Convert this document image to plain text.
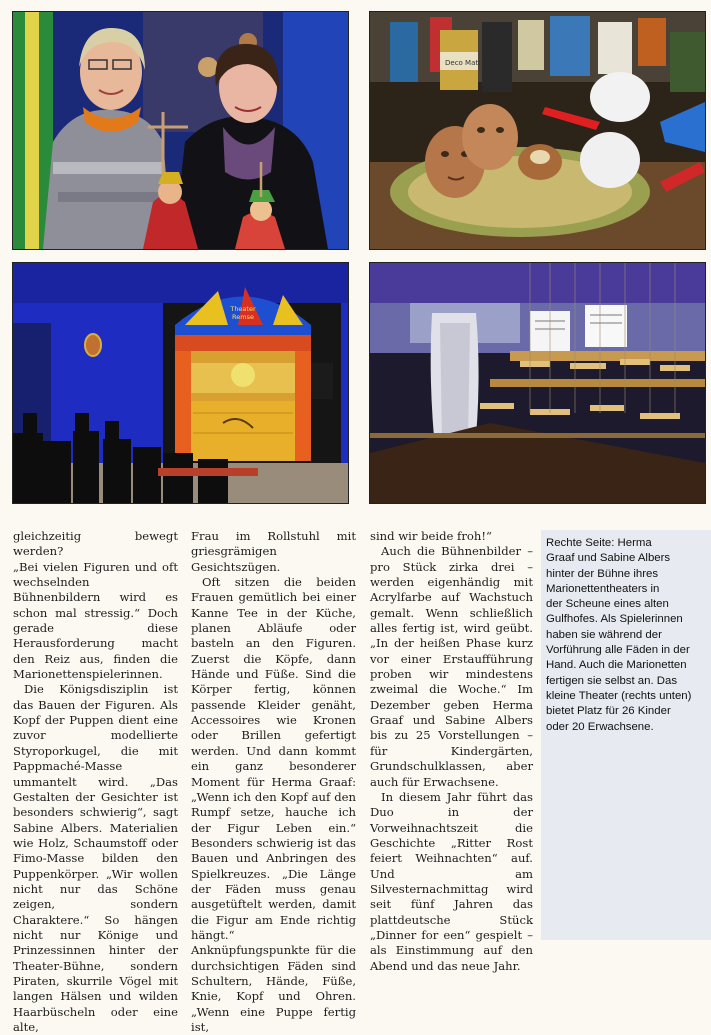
Deco Matt
Theater
Remse

gleichzeitig bewegt werden?

„Bei vielen Figuren und oft wechselnden Bühnenbildern wird es schon mal stressig.“ Doch gerade diese Herausforderung macht den Reiz aus, finden die Marionettenspielerinnen.

Die Königsdisziplin ist das Bauen der Figuren. Als Kopf der Puppen dient eine zuvor modellierte Styroporkugel, die mit Pappmaché-Masse ummantelt wird. „Das Gestalten der Gesichter ist besonders schwierig“, sagt Sabine Albers. Materialien wie Holz, Schaumstoff oder Fimo-Masse bilden den Puppenkörper. „Wir wollen nicht nur das Schöne zeigen, sondern Charaktere.“ So hängen nicht nur Könige und Prinzessinnen hinter der Theater-Bühne, sondern Piraten, skurrile Vögel mit langen Hälsen und wilden Haarbüscheln oder eine alte,

Frau im Rollstuhl mit griesgrämigen Gesichtszügen.

Oft sitzen die beiden Frauen gemütlich bei einer Kanne Tee in der Küche, planen Abläufe oder basteln an den Figuren. Zuerst die Köpfe, dann Hände und Füße. Sind die Körper fertig, können passende Kleider genäht, Accessoires wie Kronen oder Brillen gefertigt werden. Und dann kommt ein ganz besonderer Moment für Herma Graaf: „Wenn ich den Kopf auf den Rumpf setze, hauche ich der Figur Leben ein.“ Besonders schwierig ist das Bauen und Anbringen des Spielkreuzes. „Die Länge der Fäden muss genau ausgetüftelt werden, damit die Figur am Ende richtig hängt.“ Anknüpfungspunkte für die durchsichtigen Fäden sind Schultern, Hände, Füße, Knie, Kopf und Ohren. „Wenn eine Puppe fertig ist,

sind wir beide froh!“

Auch die Bühnenbilder – pro Stück zirka drei – werden eigenhändig mit Acrylfarbe auf Wachstuch gemalt. Wenn schließlich alles fertig ist, wird geübt. „In der heißen Phase kurz vor einer Erstaufführung proben wir mindestens zweimal die Woche.“ Im Dezember geben Herma Graaf und Sabine Albers bis zu 25 Vorstellungen – für Kindergärten, Grundschulklassen, aber auch für Erwachsene.

In diesem Jahr führt das Duo in der Vorweihnachtszeit die Geschichte „Ritter Rost feiert Weihnachten“ auf. Und am Silvesternachmittag wird seit fünf Jahren das plattdeutsche Stück „Dinner for een“ gespielt – als Einstimmung auf den Abend und das neue Jahr.

Rechte Seite: Herma
Graaf und Sabine Albers
hinter der Bühne ihres
Marionettentheaters in
der Scheune eines alten
Gulfhofes. Als Spielerinnen
haben sie während der
Vorführung alle Fäden in der
Hand. Auch die Marionetten
fertigen sie selbst an. Das
kleine Theater (rechts unten)
bietet Platz für 26 Kinder
oder 20 Erwachsene.
